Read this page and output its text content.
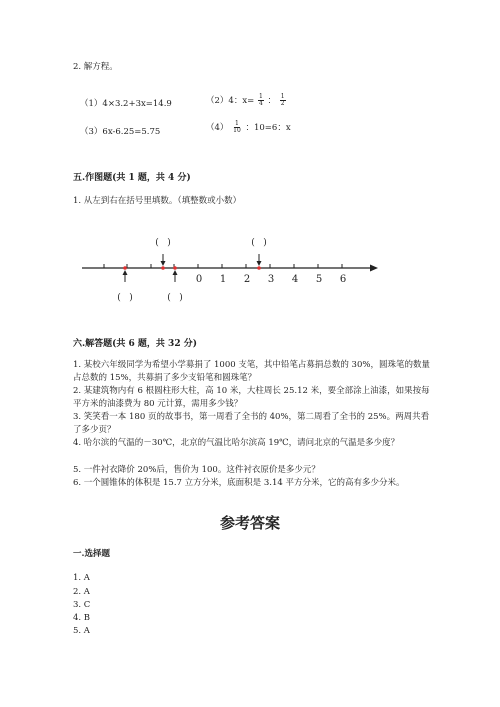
2. 解方程。
（1）4×3.2+3x=14.9	（2）4：$x= \frac{1}{4}$ ： $\frac{1}{2}$
（3）6x-6.25=5.75	$(4) \frac{1}{10}$ ：10=6：x
五.作图题(共 1 题，共 4 分)
1. 从左到右在括号里填数。（填整数或小数）
0 1 2 3 4 5 6
(   )	(   )
(   )	(   )
六.解答题(共 6 题，共 32 分)
1. 某校六年级同学为希望小学募捐了 1000 支笔，其中铅笔占募捐总数的 30%，圆珠笔的数量占总数的 15%，共募捐了多少支铅笔和圆珠笔？
2. 某建筑物内有 6 根圆柱形大柱，高 10 米，大柱周长 25.12 米，要全部涂上油漆，如果按每平方米的油漆费为 80 元计算，需用多少钱？
3. 笑笑看一本 180 页的故事书，第一周看了全书的 40%，第二周看了全书的 25%。两周共看了多少页？
4. 哈尔滨的气温的－30℃，北京的气温比哈尔滨高 19℃，请问北京的气温是多少度？
5. 一件衬衣降价 20%后，售价为 100。这件衬衣原价是多少元？
6. 一个圆锥体的体积是 15.7 立方分米，底面积是 3.14 平方分米，它的高有多少分米。
参考答案
一.选择题
1. A
2. A
3. C
4. B
5. A
